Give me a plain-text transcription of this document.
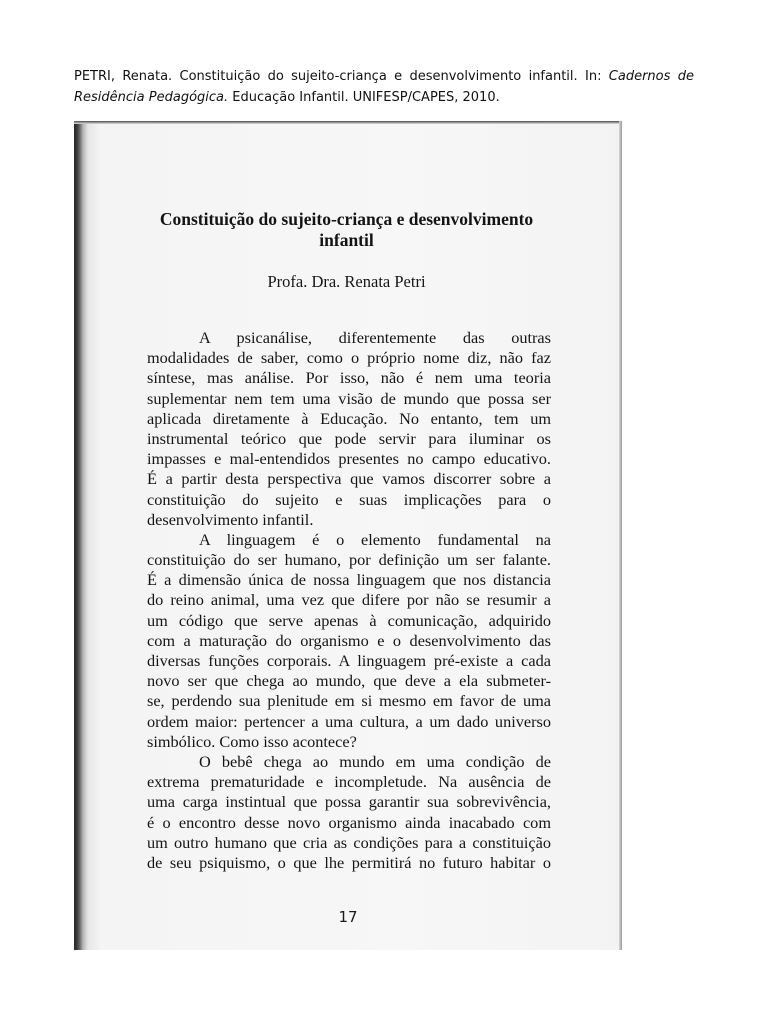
PETRI, Renata. Constituição do sujeito-criança e desenvolvimento infantil. In: Cadernos de Residência Pedagógica. Educação Infantil. UNIFESP/CAPES, 2010.
Constituição do sujeito-criança e desenvolvimento infantil
Profa. Dra. Renata Petri
A psicanálise, diferentemente das outras
modalidades de saber, como o próprio nome diz, não faz
síntese, mas análise. Por isso, não é nem uma teoria
suplementar nem tem uma visão de mundo que possa ser
aplicada diretamente à Educação. No entanto, tem um
instrumental teórico que pode servir para iluminar os
impasses e mal-entendidos presentes no campo educativo.
É a partir desta perspectiva que vamos discorrer sobre a
constituição do sujeito e suas implicações para o
desenvolvimento infantil.
A linguagem é o elemento fundamental na
constituição do ser humano, por definição um ser falante.
É a dimensão única de nossa linguagem que nos distancia
do reino animal, uma vez que difere por não se resumir a
um código que serve apenas à comunicação, adquirido
com a maturação do organismo e o desenvolvimento das
diversas funções corporais. A linguagem pré-existe a cada
novo ser que chega ao mundo, que deve a ela submeter-
se, perdendo sua plenitude em si mesmo em favor de uma
ordem maior: pertencer a uma cultura, a um dado universo
simbólico. Como isso acontece?
O bebê chega ao mundo em uma condição de
extrema prematuridade e incompletude. Na ausência de
uma carga instintual que possa garantir sua sobrevivência,
é o encontro desse novo organismo ainda inacabado com
um outro humano que cria as condições para a constituição
de seu psiquismo, o que lhe permitirá no futuro habitar o
17
